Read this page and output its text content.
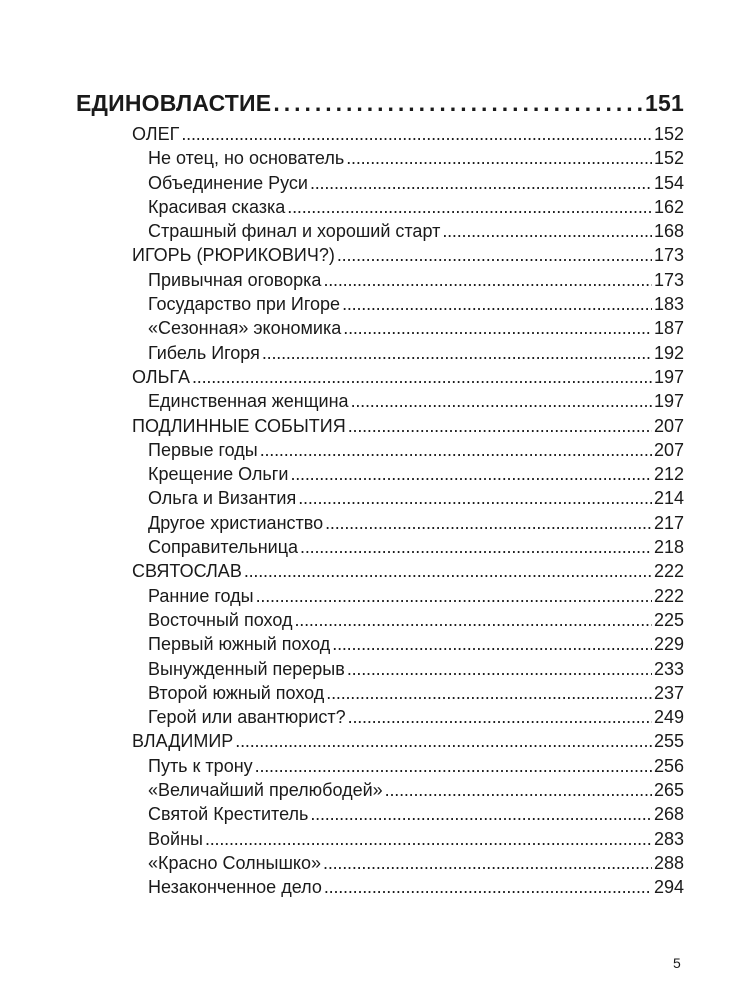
ЕДИНОВЛАСТИЕ . . .	151
ОЛЕГ . . .	152
Не отец, но основатель . . .	152
Объединение Руси . . .	154
Красивая сказка . . .	162
Страшный финал и хороший старт . . .	168
ИГОРЬ (РЮРИКОВИЧ?) . . .	173
Привычная оговорка . . .	173
Государство при Игоре . . .	183
«Сезонная» экономика . . .	187
Гибель Игоря . . .	192
ОЛЬГА . . .	197
Единственная женщина . . .	197
ПОДЛИННЫЕ СОБЫТИЯ . . .	207
Первые годы . . .	207
Крещение Ольги . . .	212
Ольга и Византия . . .	214
Другое христианство . . .	217
Соправительница . . .	218
СВЯТОСЛАВ . . .	222
Ранние годы . . .	222
Восточный поход . . .	225
Первый южный поход . . .	229
Вынужденный перерыв . . .	233
Второй южный поход . . .	237
Герой или авантюрист? . . .	249
ВЛАДИМИР . . .	255
Путь к трону . . .	256
«Величайший прелюбодей» . . .	265
Святой Креститель . . .	268
Войны . . .	283
«Красно Солнышко» . . .	288
Незаконченное дело . . .	294
5
